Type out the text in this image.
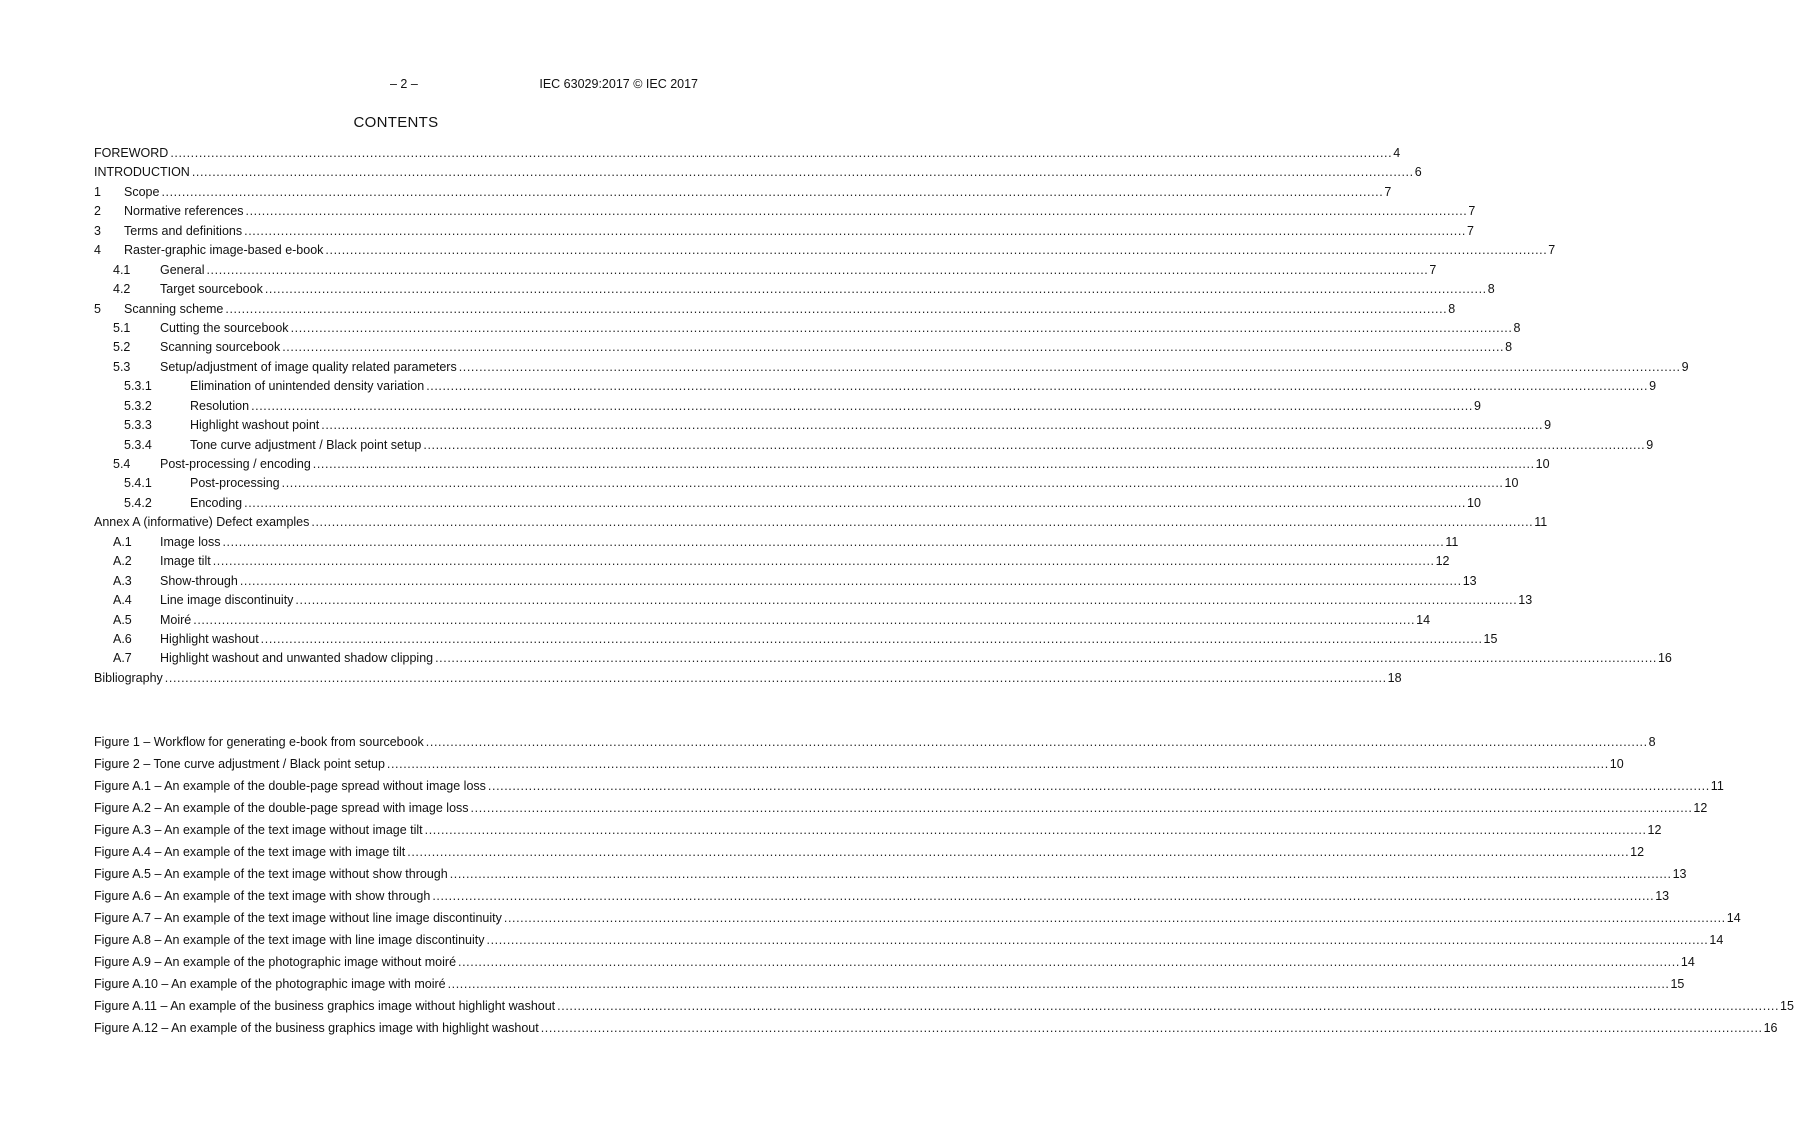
– 2 –	IEC 63029:2017 © IEC 2017
CONTENTS
FOREWORD ............................................................................................................................................................................................................................................................................................................ 4
INTRODUCTION ............................................................................................................................................................................................................................................................................................................ 6
1	Scope ............................................................................................................................................................................................................................................................................................................ 7
2	Normative references ............................................................................................................................................................................................................................................................................................................ 7
3	Terms and definitions ............................................................................................................................................................................................................................................................................................................ 7
4	Raster-graphic image-based e-book ............................................................................................................................................................................................................................................................................................................ 7
4.1	General ............................................................................................................................................................................................................................................................................................................ 7
4.2	Target sourcebook ............................................................................................................................................................................................................................................................................................................ 8
5	Scanning scheme ............................................................................................................................................................................................................................................................................................................ 8
5.1	Cutting the sourcebook ............................................................................................................................................................................................................................................................................................................ 8
5.2	Scanning sourcebook ............................................................................................................................................................................................................................................................................................................ 8
5.3	Setup/adjustment of image quality related parameters ............................................................................................................................................................................................................................................................................................................ 9
5.3.1	Elimination of unintended density variation ............................................................................................................................................................................................................................................................................................................ 9
5.3.2	Resolution ............................................................................................................................................................................................................................................................................................................ 9
5.3.3	Highlight washout point ............................................................................................................................................................................................................................................................................................................ 9
5.3.4	Tone curve adjustment / Black point setup ............................................................................................................................................................................................................................................................................................................ 9
5.4	Post-processing / encoding ............................................................................................................................................................................................................................................................................................................ 10
5.4.1	Post-processing ............................................................................................................................................................................................................................................................................................................ 10
5.4.2	Encoding ............................................................................................................................................................................................................................................................................................................ 10
Annex A (informative) Defect examples ............................................................................................................................................................................................................................................................................................................ 11
A.1	Image loss ............................................................................................................................................................................................................................................................................................................ 11
A.2	Image tilt ............................................................................................................................................................................................................................................................................................................ 12
A.3	Show-through ............................................................................................................................................................................................................................................................................................................ 13
A.4	Line image discontinuity ............................................................................................................................................................................................................................................................................................................ 13
A.5	Moiré ............................................................................................................................................................................................................................................................................................................ 14
A.6	Highlight washout ............................................................................................................................................................................................................................................................................................................ 15
A.7	Highlight washout and unwanted shadow clipping ............................................................................................................................................................................................................................................................................................................ 16
Bibliography ............................................................................................................................................................................................................................................................................................................ 18
Figure 1 – Workflow for generating e-book from sourcebook ............................................................................................................................................................................................................................................................................................................ 8
Figure 2 – Tone curve adjustment / Black point setup ............................................................................................................................................................................................................................................................................................................ 10
Figure A.1 – An example of the double-page spread without image loss ............................................................................................................................................................................................................................................................................................................ 11
Figure A.2 – An example of the double-page spread with image loss ............................................................................................................................................................................................................................................................................................................ 12
Figure A.3 – An example of the text image without image tilt ............................................................................................................................................................................................................................................................................................................ 12
Figure A.4 – An example of the text image with image tilt ............................................................................................................................................................................................................................................................................................................ 12
Figure A.5 – An example of the text image without show through ............................................................................................................................................................................................................................................................................................................ 13
Figure A.6 – An example of the text image with show through ............................................................................................................................................................................................................................................................................................................ 13
Figure A.7 – An example of the text image without line image discontinuity ............................................................................................................................................................................................................................................................................................................ 14
Figure A.8 – An example of the text image with line image discontinuity ............................................................................................................................................................................................................................................................................................................ 14
Figure A.9 – An example of the photographic image without moiré ............................................................................................................................................................................................................................................................................................................ 14
Figure A.10 – An example of the photographic image with moiré ............................................................................................................................................................................................................................................................................................................ 15
Figure A.11 – An example of the business graphics image without highlight washout ............................................................................................................................................................................................................................................................................................................ 15
Figure A.12 – An example of the business graphics image with highlight washout ............................................................................................................................................................................................................................................................................................................ 16
